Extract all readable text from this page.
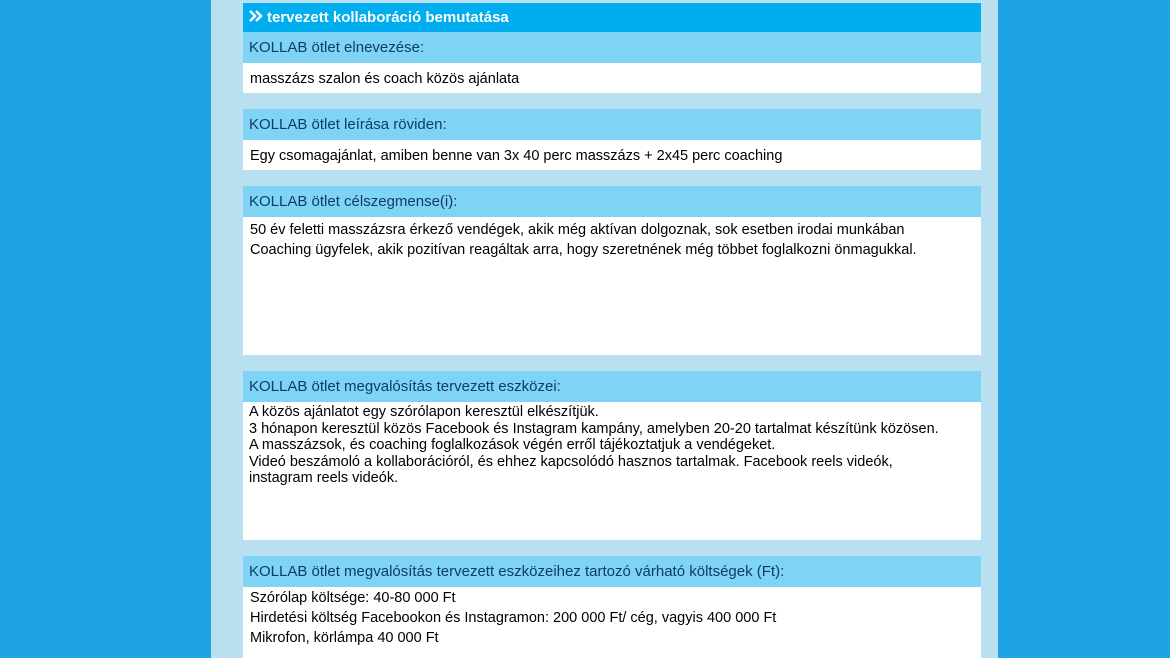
tervezett kollaboráció bemutatása
KOLLAB ötlet elnevezése:
masszázs szalon és coach közös ajánlata
KOLLAB ötlet leírása röviden:
Egy csomagajánlat, amiben benne van 3x 40 perc masszázs + 2x45 perc coaching
KOLLAB ötlet célszegmense(i):
50 év feletti masszázsra érkező vendégek, akik még aktívan dolgoznak, sok esetben irodai munkában
Coaching ügyfelek, akik pozitívan reagáltak arra, hogy szeretnének még többet foglalkozni önmagukkal.
KOLLAB ötlet megvalósítás tervezett eszközei:
A közös ajánlatot egy szórólapon keresztül elkészítjük.
3 hónapon keresztül közös Facebook és Instagram kampány, amelyben 20-20 tartalmat készítünk közösen.
A masszázsok, és coaching foglalkozások végén erről tájékoztatjuk a vendégeket.
Videó beszámoló a kollaborációról, és ehhez kapcsolódó hasznos tartalmak. Facebook reels videók,
instagram reels videók.
KOLLAB ötlet megvalósítás tervezett eszközeihez tartozó várható költségek (Ft):
Szórólap költsége: 40-80 000 Ft
Hirdetési költség Facebookon és Instagramon: 200 000 Ft/ cég, vagyis 400 000 Ft
Mikrofon, körlámpa 40 000 Ft
